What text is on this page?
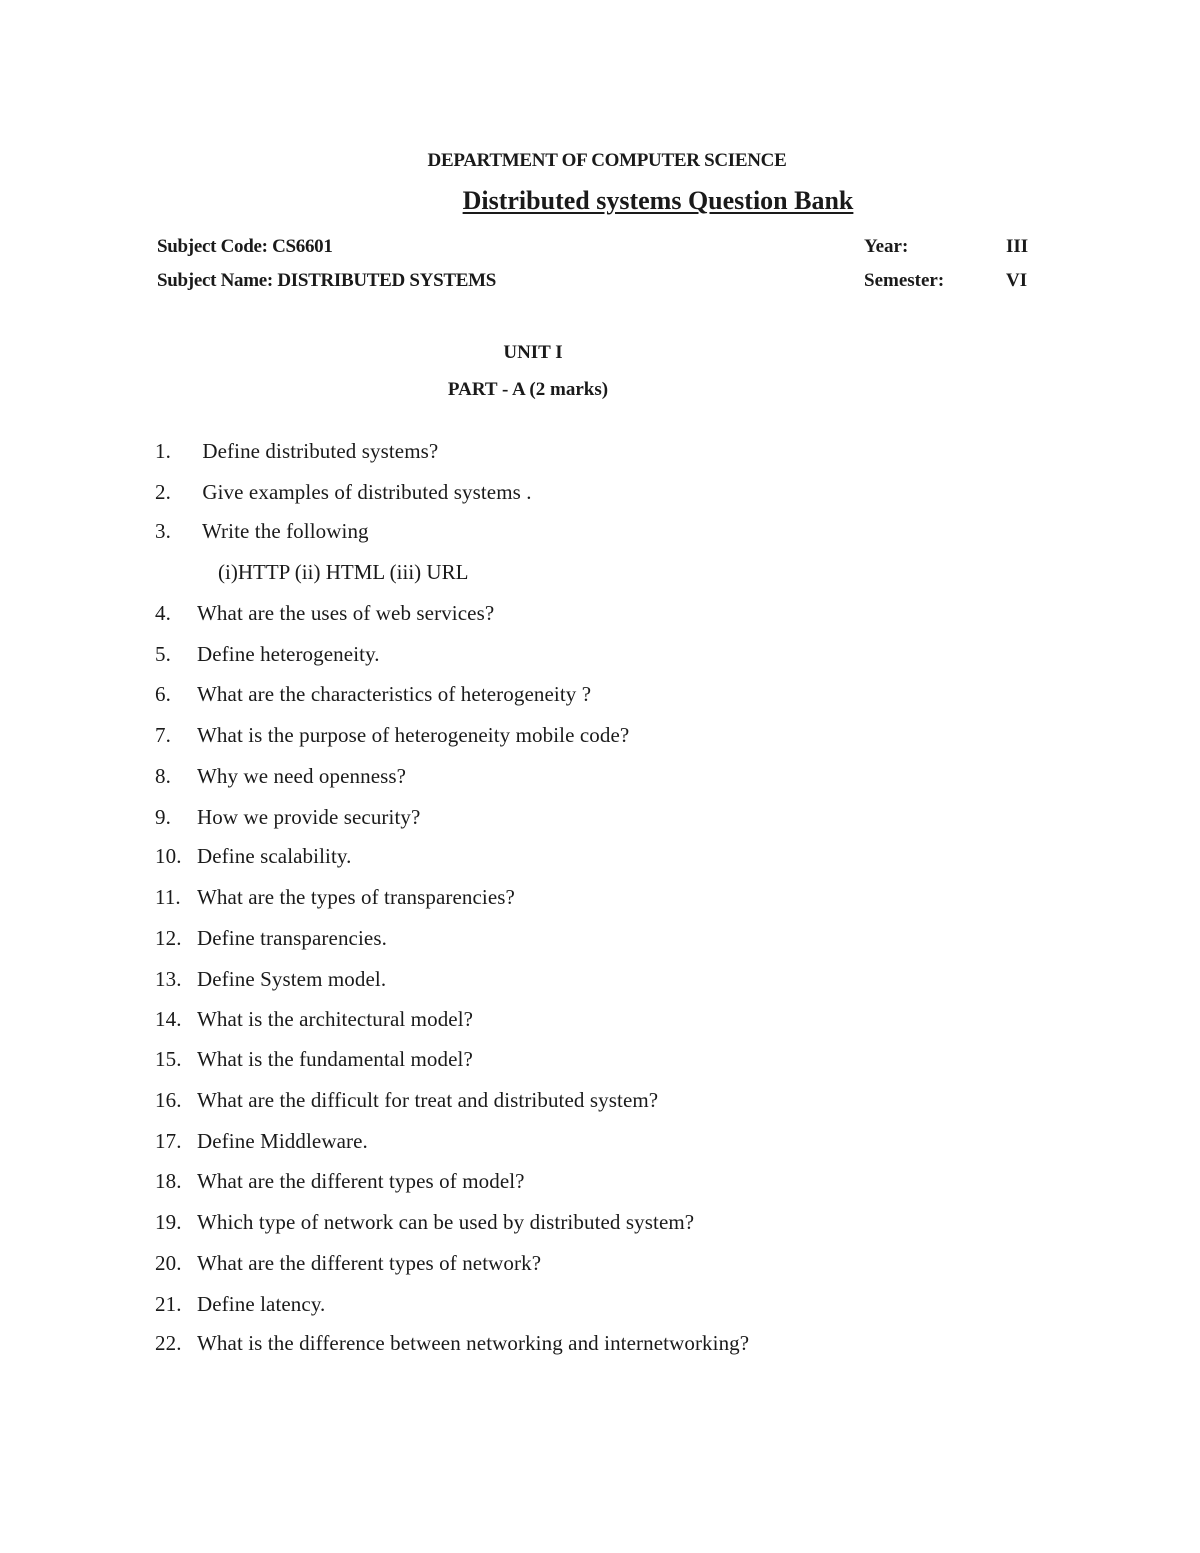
DEPARTMENT OF COMPUTER SCIENCE
Distributed systems Question Bank
Subject Code: CS6601	Year:	III
Subject Name: DISTRIBUTED SYSTEMS	Semester:	VI
UNIT I
PART - A (2 marks)
1. Define distributed systems?
2. Give examples of distributed systems .
3. Write the following
4. What are the uses of web services?
5. Define heterogeneity.
6. What are the characteristics of heterogeneity ?
7. What is the purpose of heterogeneity mobile code?
8. Why we need openness?
9. How we provide security?
10. Define scalability.
11. What are the types of transparencies?
12. Define transparencies.
13. Define System model.
14. What is the architectural model?
15. What is the fundamental model?
16. What are the difficult for treat and distributed system?
17. Define Middleware.
18. What are the different types of model?
19. Which type of network can be used by distributed system?
20. What are the different types of network?
21. Define latency.
22. What is the difference between networking and internetworking?
(i)HTTP (ii) HTML (iii) URL
